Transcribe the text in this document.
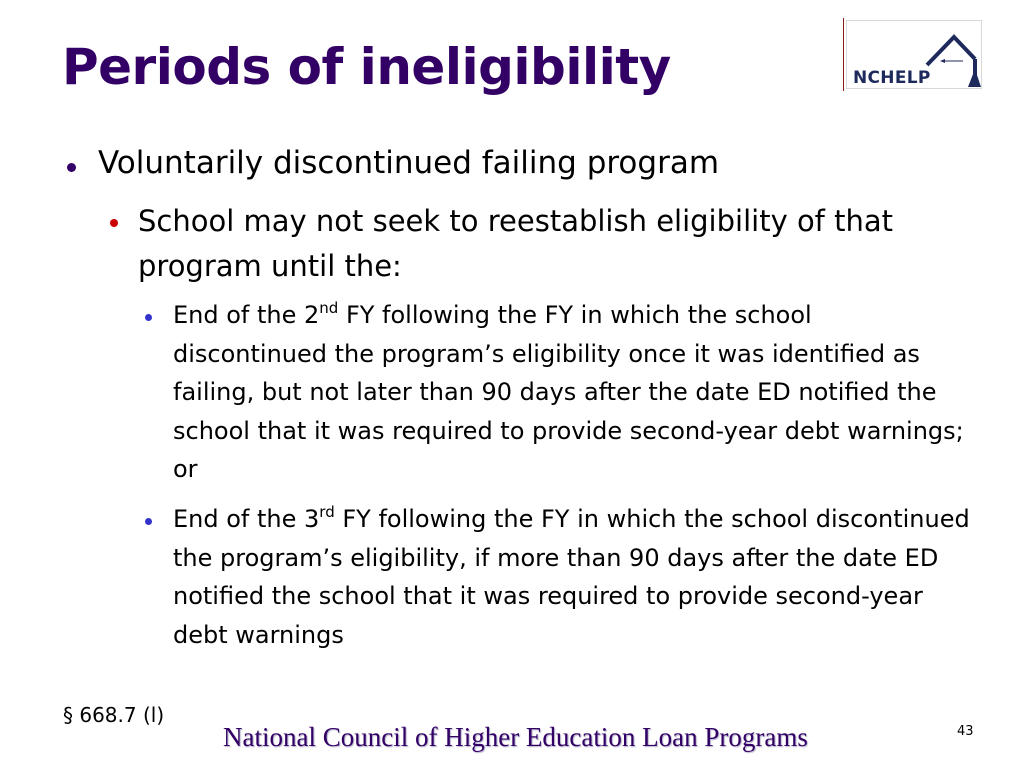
Periods of ineligibility	NCHELP
Voluntarily discontinued failing program
School may not seek to reestablish eligibility of that program until the:
End of the 2nd FY following the FY in which the school discontinued the program’s eligibility once it was identified as failing, but not later than 90 days after the date ED notified the school that it was required to provide second-year debt warnings; or
End of the 3rd FY following the FY in which the school discontinued the program’s eligibility, if more than 90 days after the date ED notified the school that it was required to provide second-year debt warnings
§ 668.7 (l)
National Council of Higher Education Loan Programs	43
